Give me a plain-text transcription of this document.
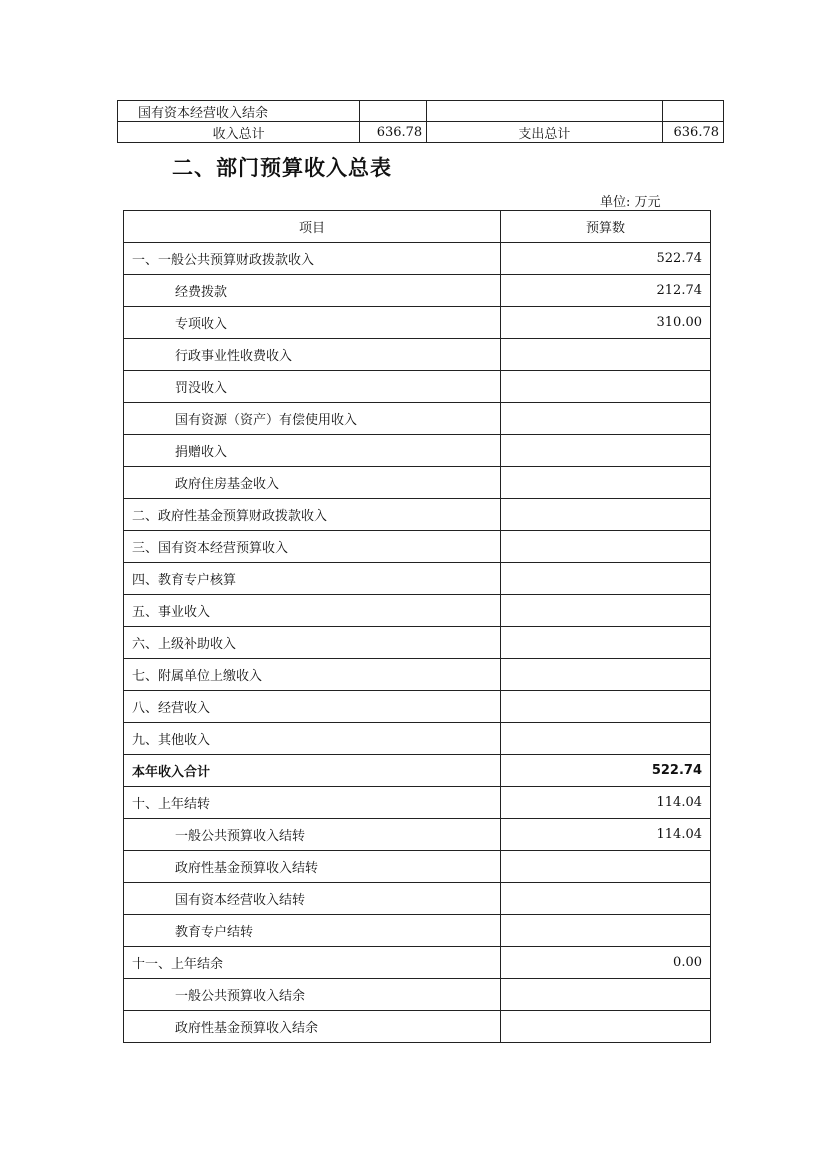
国有资本经营收入结余			
收入总计	636.78	支出总计	636.78
二、部门预算收入总表
单位: 万元
项目	预算数
一、一般公共预算财政拨款收入	522.74
经费拨款	212.74
专项收入	310.00
行政事业性收费收入	
罚没收入	
国有资源（资产）有偿使用收入	
捐赠收入	
政府住房基金收入	
二、政府性基金预算财政拨款收入	
三、国有资本经营预算收入	
四、教育专户核算	
五、事业收入	
六、上级补助收入	
七、附属单位上缴收入	
八、经营收入	
九、其他收入	
本年收入合计	522.74
十、上年结转	114.04
一般公共预算收入结转	114.04
政府性基金预算收入结转	
国有资本经营收入结转	
教育专户结转	
十一、上年结余	0.00
一般公共预算收入结余	
政府性基金预算收入结余	
